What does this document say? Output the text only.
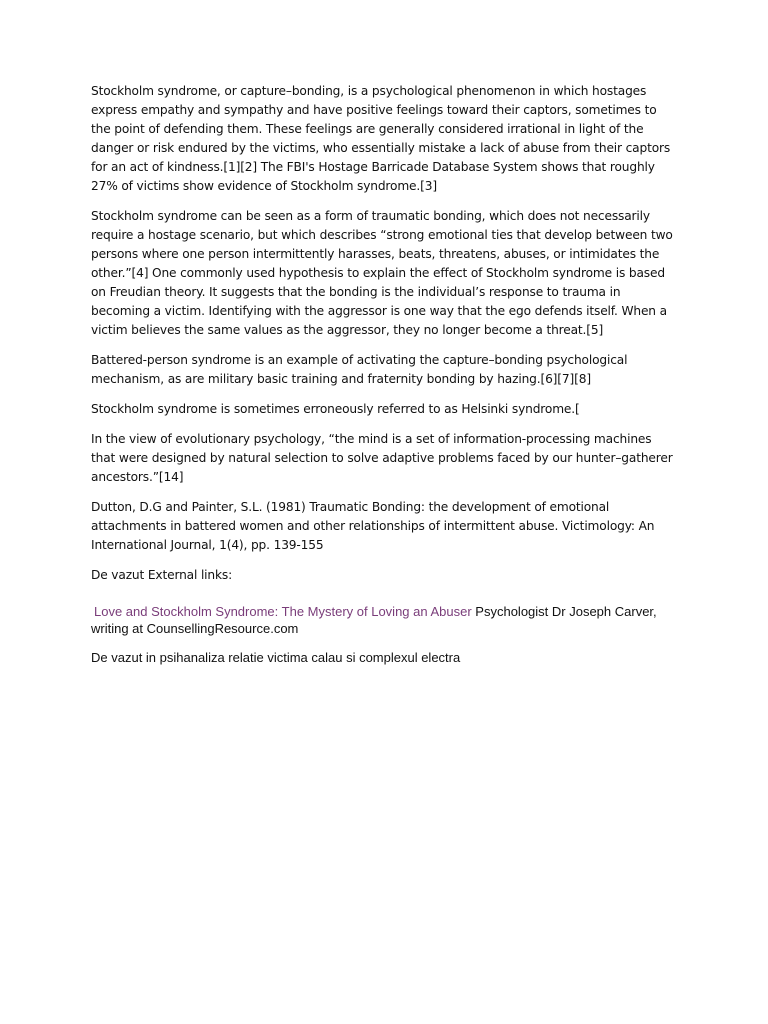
Stockholm syndrome, or capture–bonding, is a psychological phenomenon in which hostages express empathy and sympathy and have positive feelings toward their captors, sometimes to the point of defending them. These feelings are generally considered irrational in light of the danger or risk endured by the victims, who essentially mistake a lack of abuse from their captors for an act of kindness.[1][2] The FBI's Hostage Barricade Database System shows that roughly 27% of victims show evidence of Stockholm syndrome.[3]

Stockholm syndrome can be seen as a form of traumatic bonding, which does not necessarily require a hostage scenario, but which describes “strong emotional ties that develop between two persons where one person intermittently harasses, beats, threatens, abuses, or intimidates the other.”[4] One commonly used hypothesis to explain the effect of Stockholm syndrome is based on Freudian theory. It suggests that the bonding is the individual’s response to trauma in becoming a victim. Identifying with the aggressor is one way that the ego defends itself. When a victim believes the same values as the aggressor, they no longer become a threat.[5]

Battered-person syndrome is an example of activating the capture–bonding psychological mechanism, as are military basic training and fraternity bonding by hazing.[6][7][8]

Stockholm syndrome is sometimes erroneously referred to as Helsinki syndrome.[

In the view of evolutionary psychology, “the mind is a set of information-processing machines that were designed by natural selection to solve adaptive problems faced by our hunter–gatherer ancestors.”[14]

Dutton, D.G and Painter, S.L. (1981) Traumatic Bonding: the development of emotional attachments in battered women and other relationships of intermittent abuse. Victimology: An International Journal, 1(4), pp. 139-155

De vazut External links:

Love and Stockholm Syndrome: The Mystery of Loving an Abuser Psychologist Dr Joseph Carver, writing at CounsellingResource.com

De vazut in psihanaliza relatie victima calau si complexul electra
